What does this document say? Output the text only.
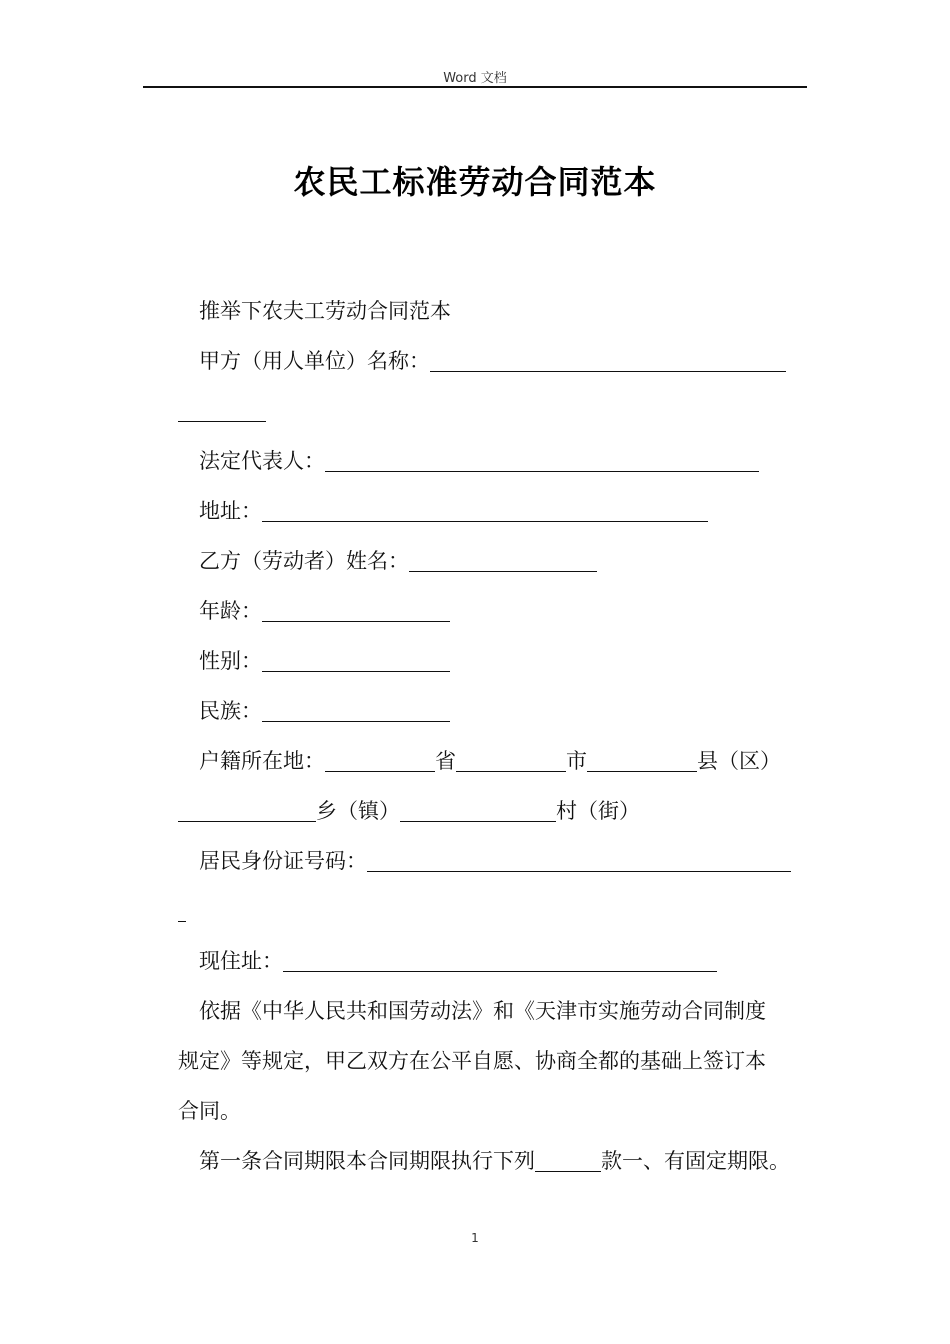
Word 文档
农民工标准劳动合同范本
推举下农夫工劳动合同范本
甲方（用人单位）名称：
法定代表人：
地址：
乙方（劳动者）姓名：
年龄：
性别：
民族：
户籍所在地：	省	市	县（区）
乡（镇）	村（街）
居民身份证号码：
现住址：
依据《中华人民共和国劳动法》和《天津市实施劳动合同制度
规定》等规定，甲乙双方在公平自愿、协商全都的基础上签订本
合同。
第一条合同期限本合同期限执行下列	款一、有固定期限。
1
